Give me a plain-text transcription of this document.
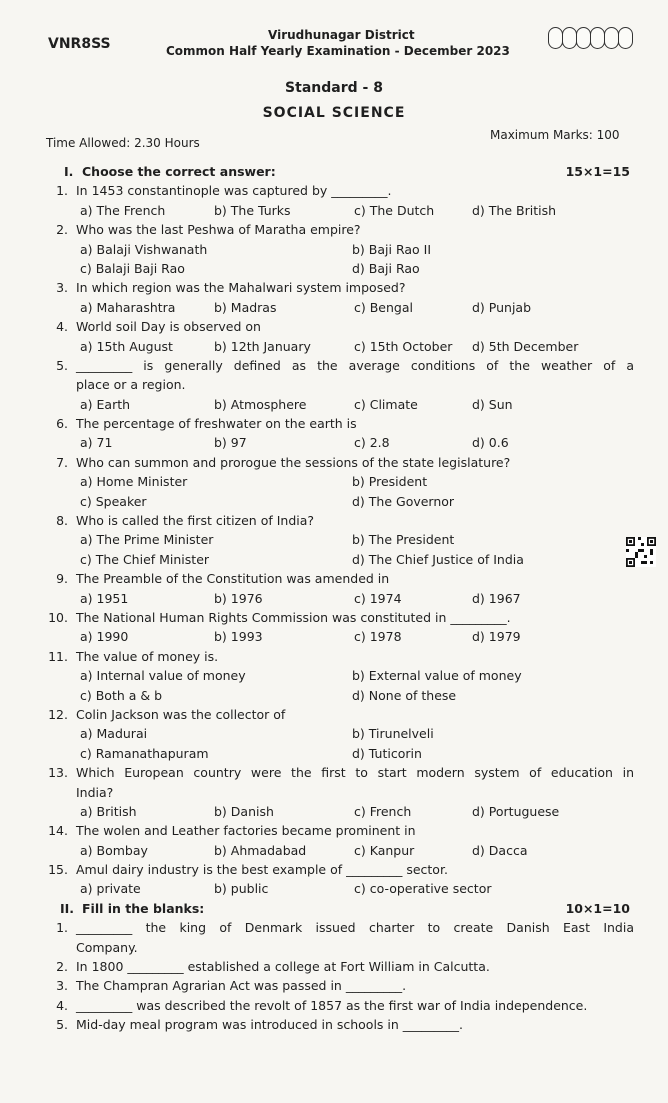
VNR8SS
Virudhunagar District
Common Half Yearly Examination - December 2023
Standard - 8
SOCIAL SCIENCE
Time Allowed: 2.30 Hours
Maximum Marks: 100
I. Choose the correct answer:	15×1=15
1. In 1453 constantinople was captured by _________.
a) The French	b) The Turks	c) The Dutch	d) The British
2. Who was the last Peshwa of Maratha empire?
a) Balaji Vishwanath	b) Baji Rao II
c) Balaji Baji Rao	d) Baji Rao
3. In which region was the Mahalwari system imposed?
a) Maharashtra	b) Madras	c) Bengal	d) Punjab
4. World soil Day is observed on
a) 15th August	b) 12th January	c) 15th October d) 5th December
5. _________ is generally defined as the average conditions of the weather of a
place or a region.
a) Earth	b) Atmosphere	c) Climate	d) Sun
6. The percentage of freshwater on the earth is
a) 71	b) 97	c) 2.8	d) 0.6
7. Who can summon and prorogue the sessions of the state legislature?
a) Home Minister	b) President
c) Speaker	d) The Governor
8. Who is called the first citizen of India?
a) The Prime Minister	b) The President
c) The Chief Minister	d) The Chief Justice of India
9. The Preamble of the Constitution was amended in
a) 1951	b) 1976	c) 1974	d) 1967
10. The National Human Rights Commission was constituted in _________.
a) 1990	b) 1993	c) 1978	d) 1979
11. The value of money is.
a) Internal value of money	b) External value of money
c) Both a & b	d) None of these
12. Colin Jackson was the collector of
a) Madurai	b) Tirunelveli
c) Ramanathapuram	d) Tuticorin
13. Which European country were the first to start modern system of education in
India?
a) British	b) Danish	c) French	d) Portuguese
14. The wolen and Leather factories became prominent in
a) Bombay	b) Ahmadabad	c) Kanpur	d) Dacca
15. Amul dairy industry is the best example of _________ sector.
a) private	b) public	c) co-operative sector
II. Fill in the blanks:	10×1=10
1. _________ the king of Denmark issued charter to create Danish East India
Company.
2. In 1800 _________ established a college at Fort William in Calcutta.
3. The Champran Agrarian Act was passed in _________.
4. _________ was described the revolt of 1857 as the first war of India independence.
5. Mid-day meal program was introduced in schools in _________.
